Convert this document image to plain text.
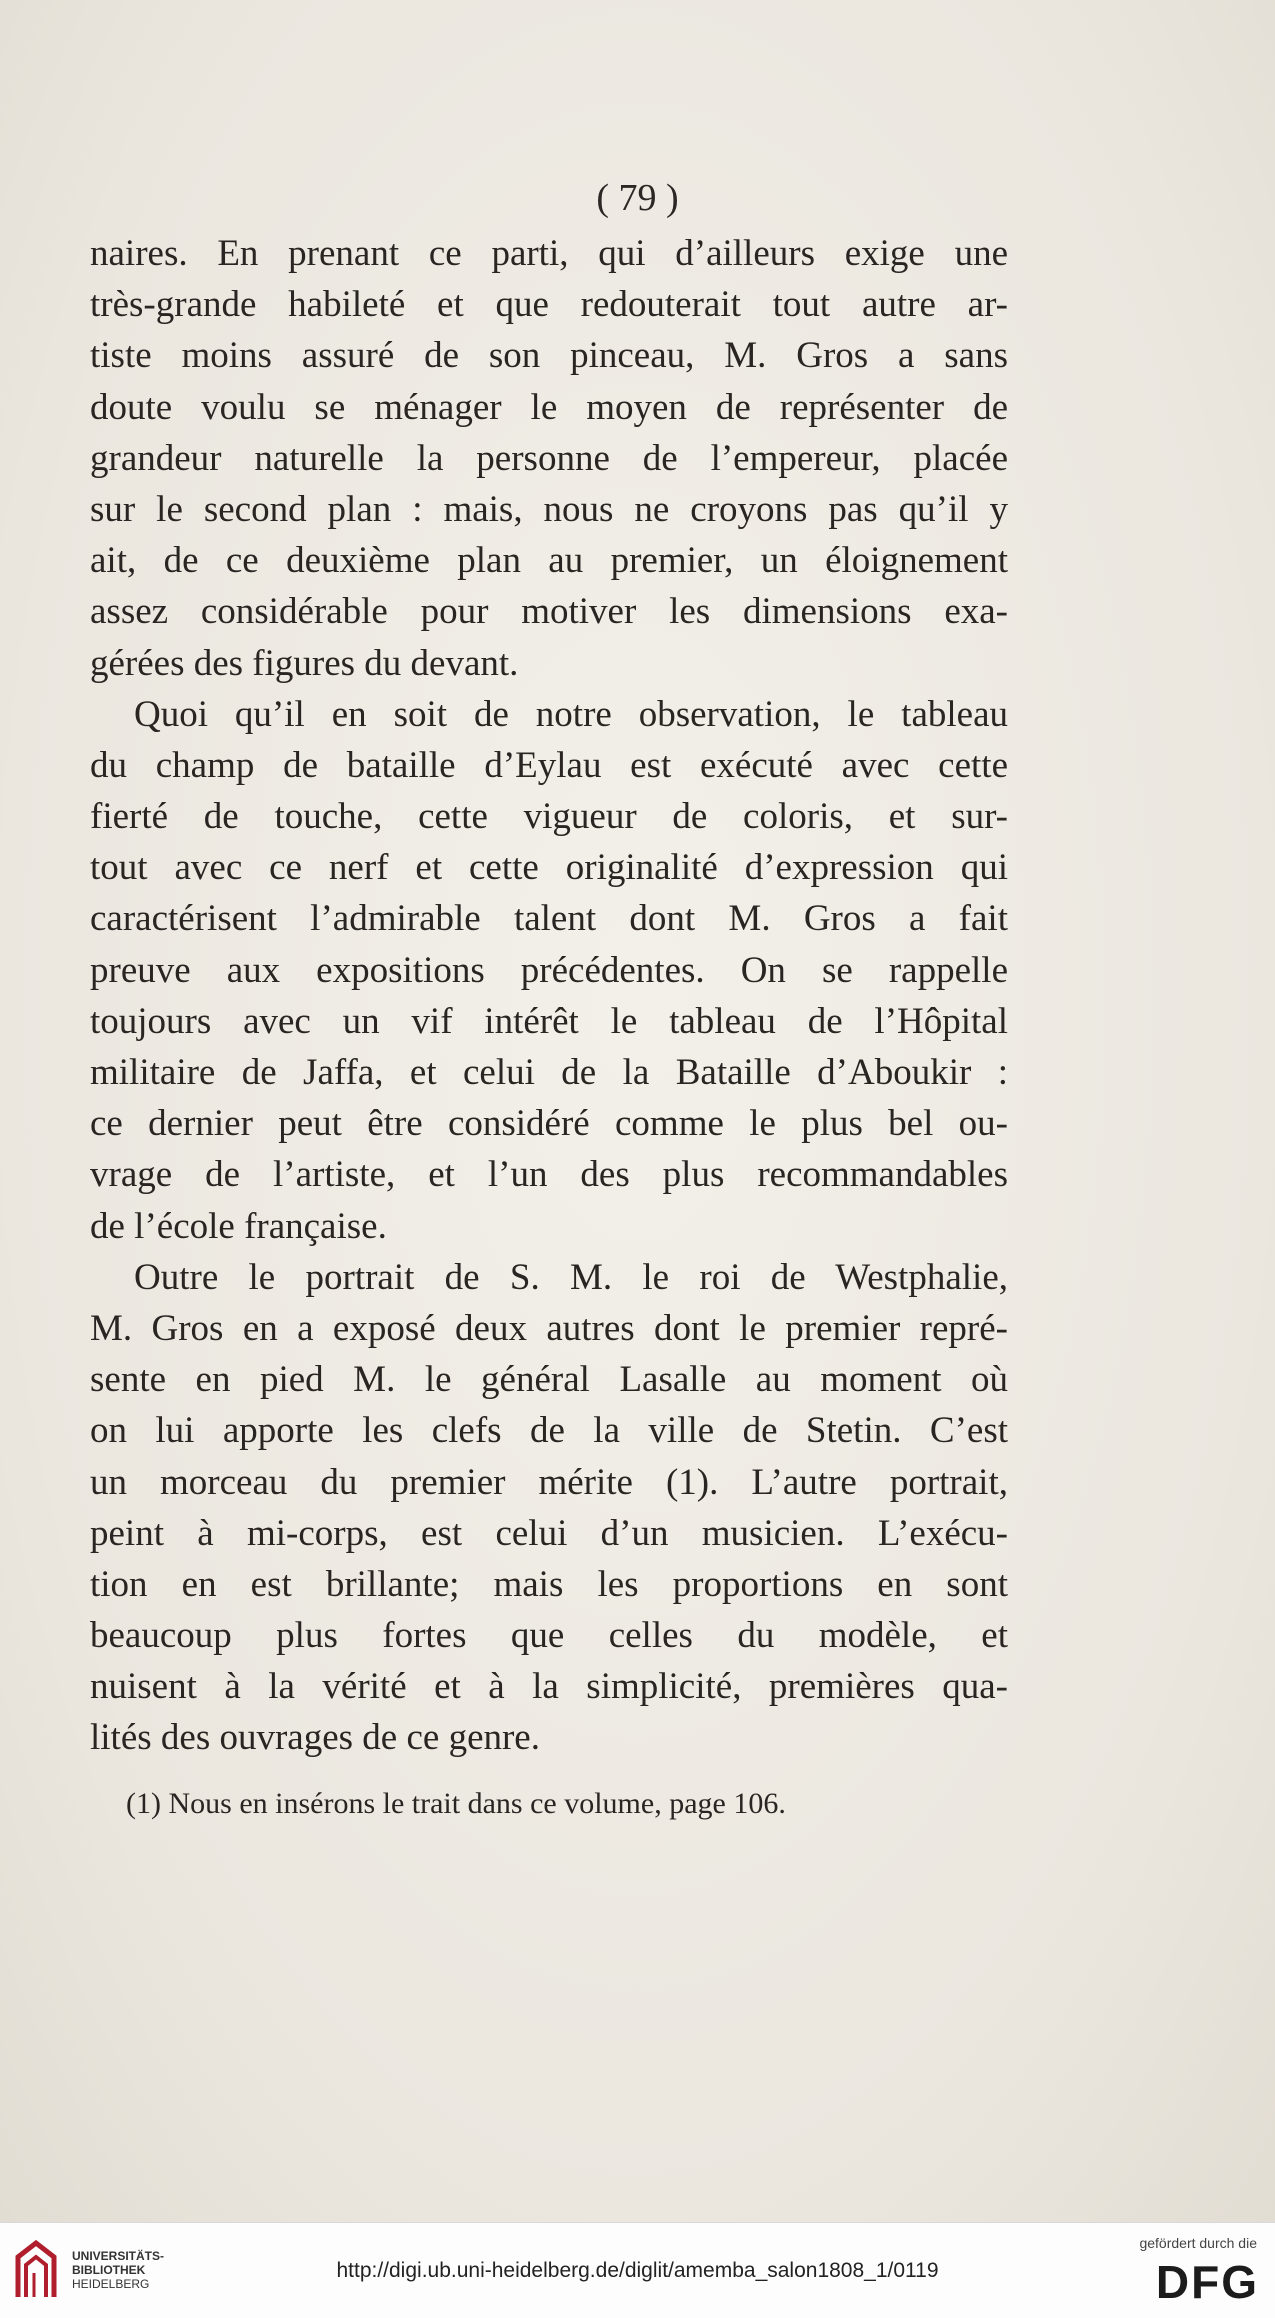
( 79 )
naires. En prenant ce parti, qui d’ailleurs exige une
très-grande habileté et que redouterait tout autre ar-
tiste moins assuré de son pinceau, M. Gros a sans
doute voulu se ménager le moyen de représenter de
grandeur naturelle la personne de l’empereur, placée
sur le second plan : mais, nous ne croyons pas qu’il y
ait, de ce deuxième plan au premier, un éloignement
assez considérable pour motiver les dimensions exa-
gérées des figures du devant.
Quoi qu’il en soit de notre observation, le tableau
du champ de bataille d’Eylau est exécuté avec cette
fierté de touche, cette vigueur de coloris, et sur-
tout avec ce nerf et cette originalité d’expression qui
caractérisent l’admirable talent dont M. Gros a fait
preuve aux expositions précédentes. On se rappelle
toujours avec un vif intérêt le tableau de l’Hôpital
militaire de Jaffa, et celui de la Bataille d’Aboukir :
ce dernier peut être considéré comme le plus bel ou-
vrage de l’artiste, et l’un des plus recommandables
de l’école française.
Outre le portrait de S. M. le roi de Westphalie,
M. Gros en a exposé deux autres dont le premier repré-
sente en pied M. le général Lasalle au moment où
on lui apporte les clefs de la ville de Stetin. C’est
un morceau du premier mérite (1). L’autre portrait,
peint à mi-corps, est celui d’un musicien. L’exécu-
tion en est brillante; mais les proportions en sont
beaucoup plus fortes que celles du modèle, et
nuisent à la vérité et à la simplicité, premières qua-
lités des ouvrages de ce genre.
(1) Nous en insérons le trait dans ce volume, page 106.
UNIVERSITÄTS-
BIBLIOTHEK
HEIDELBERG
http://digi.ub.uni-heidelberg.de/diglit/amemba_salon1808_1/0119
gefördert durch die
DFG
